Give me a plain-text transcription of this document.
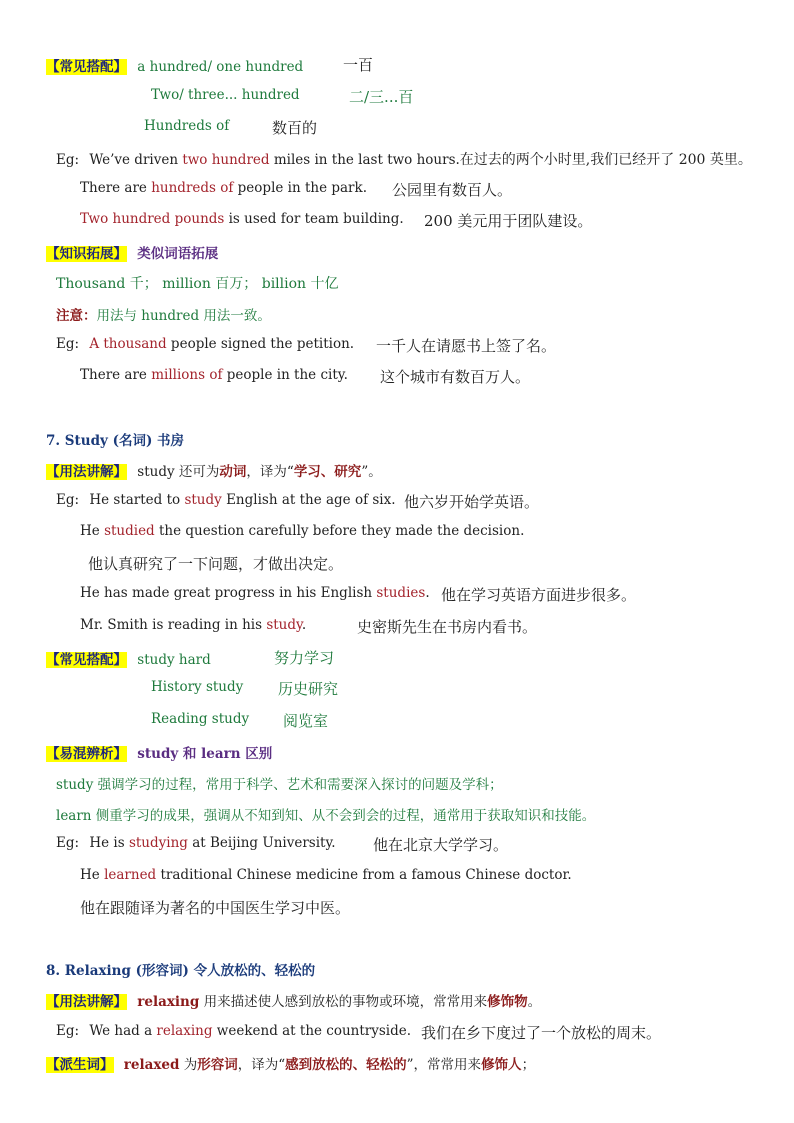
【常见搭配】 a hundred/ one hundred	一百
Two/ three... hundred	二/三...百
Hundreds of	数百的
Eg: We’ve driven two hundred miles in the last two hours.在过去的两个小时里,我们已经开了 200 英里。
There are hundreds of people in the park. 公园里有数百人。
Two hundred pounds is used for team building. 200 美元用于团队建设。
【知识拓展】 类似词语拓展
Thousand 千； million 百万； billion 十亿
注意：用法与 hundred 用法一致。
Eg: A thousand people signed the petition. 一千人在请愿书上签了名。
There are millions of people in the city. 这个城市有数百万人。
7. Study (名词) 书房
【用法讲解】 study 还可为动词，译为“学习、研究”。
Eg: He started to study English at the age of six. 他六岁开始学英语。
He studied the question carefully before they made the decision.
他认真研究了一下问题，才做出决定。
He has made great progress in his English studies. 他在学习英语方面进步很多。
Mr. Smith is reading in his study.	史密斯先生在书房内看书。
【常见搭配】 study hard	努力学习
History study 历史研究
Reading study 阅览室
【易混辨析】 study 和 learn 区别
study 强调学习的过程，常用于科学、艺术和需要深入探讨的问题及学科；
learn 侧重学习的成果，强调从不知到知、从不会到会的过程，通常用于获取知识和技能。
Eg: He is studying at Beijing University. 他在北京大学学习。
He learned traditional Chinese medicine from a famous Chinese doctor.
他在跟随译为著名的中国医生学习中医。
8. Relaxing (形容词) 令人放松的、轻松的
【用法讲解】 relaxing 用来描述使人感到放松的事物或环境，常常用来修饰物。
Eg: We had a relaxing weekend at the countryside. 我们在乡下度过了一个放松的周末。
【派生词】 relaxed 为形容词，译为“感到放松的、轻松的”，常常用来修饰人；
